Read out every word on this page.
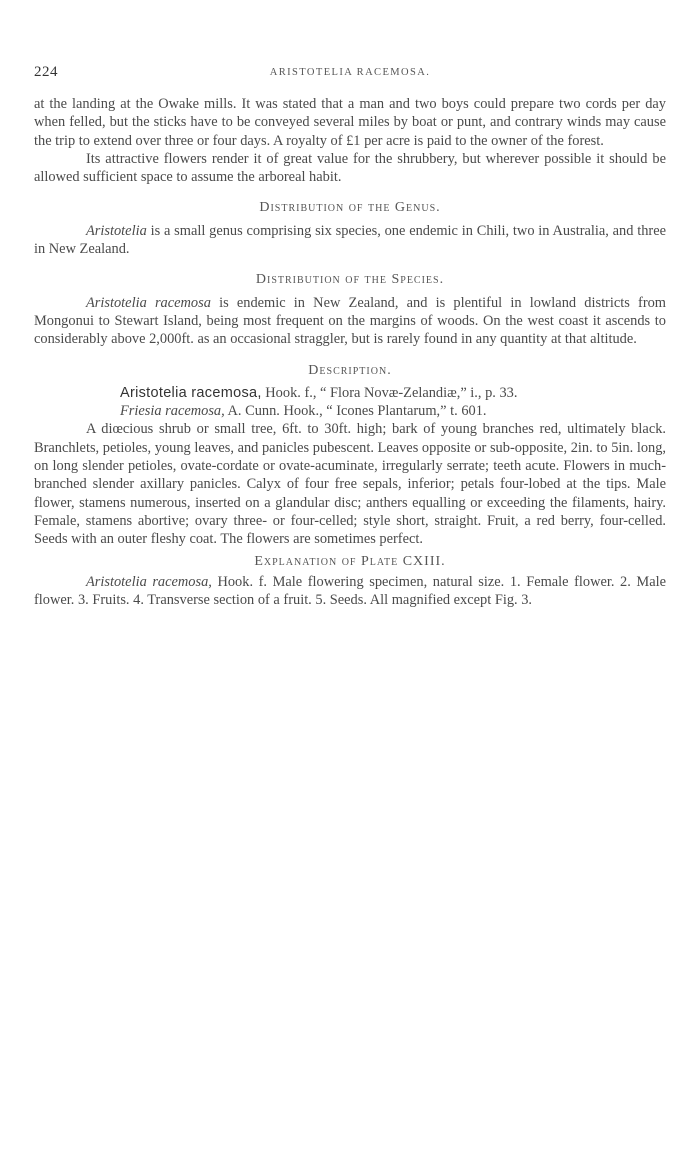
224	ARISTOTELIA RACEMOSA.

at the landing at the Owake mills. It was stated that a man and two boys could prepare two cords per day when felled, but the sticks have to be conveyed several miles by boat or punt, and contrary winds may cause the trip to extend over three or four days. A royalty of £1 per acre is paid to the owner of the forest.

Its attractive flowers render it of great value for the shrubbery, but wherever possible it should be allowed sufficient space to assume the arboreal habit.

Distribution of the Genus.

Aristotelia is a small genus comprising six species, one endemic in Chili, two in Australia, and three in New Zealand.

Distribution of the Species.

Aristotelia racemosa is endemic in New Zealand, and is plentiful in lowland districts from Mongonui to Stewart Island, being most frequent on the margins of woods. On the west coast it ascends to considerably above 2,000ft. as an occasional straggler, but is rarely found in any quantity at that altitude.

Description.

Aristotelia racemosa, Hook. f., “ Flora Novæ-Zelandiæ,” i., p. 33.

Friesia racemosa, A. Cunn. Hook., “ Icones Plantarum,” t. 601.

A diœcious shrub or small tree, 6ft. to 30ft. high; bark of young branches red, ultimately black. Branchlets, petioles, young leaves, and panicles pubescent. Leaves opposite or sub-opposite, 2in. to 5in. long, on long slender petioles, ovate-cordate or ovate-acuminate, irregularly serrate; teeth acute. Flowers in much-branched slender axillary panicles. Calyx of four free sepals, inferior; petals four-lobed at the tips. Male flower, stamens numerous, inserted on a glandular disc; anthers equalling or exceeding the filaments, hairy. Female, stamens abortive; ovary three- or four-celled; style short, straight. Fruit, a red berry, four-celled. Seeds with an outer fleshy coat. The flowers are sometimes perfect.

Explanation of Plate CXIII.

Aristotelia racemosa, Hook. f. Male flowering specimen, natural size. 1. Female flower. 2. Male flower. 3. Fruits. 4. Transverse section of a fruit. 5. Seeds. All magnified except Fig. 3.
